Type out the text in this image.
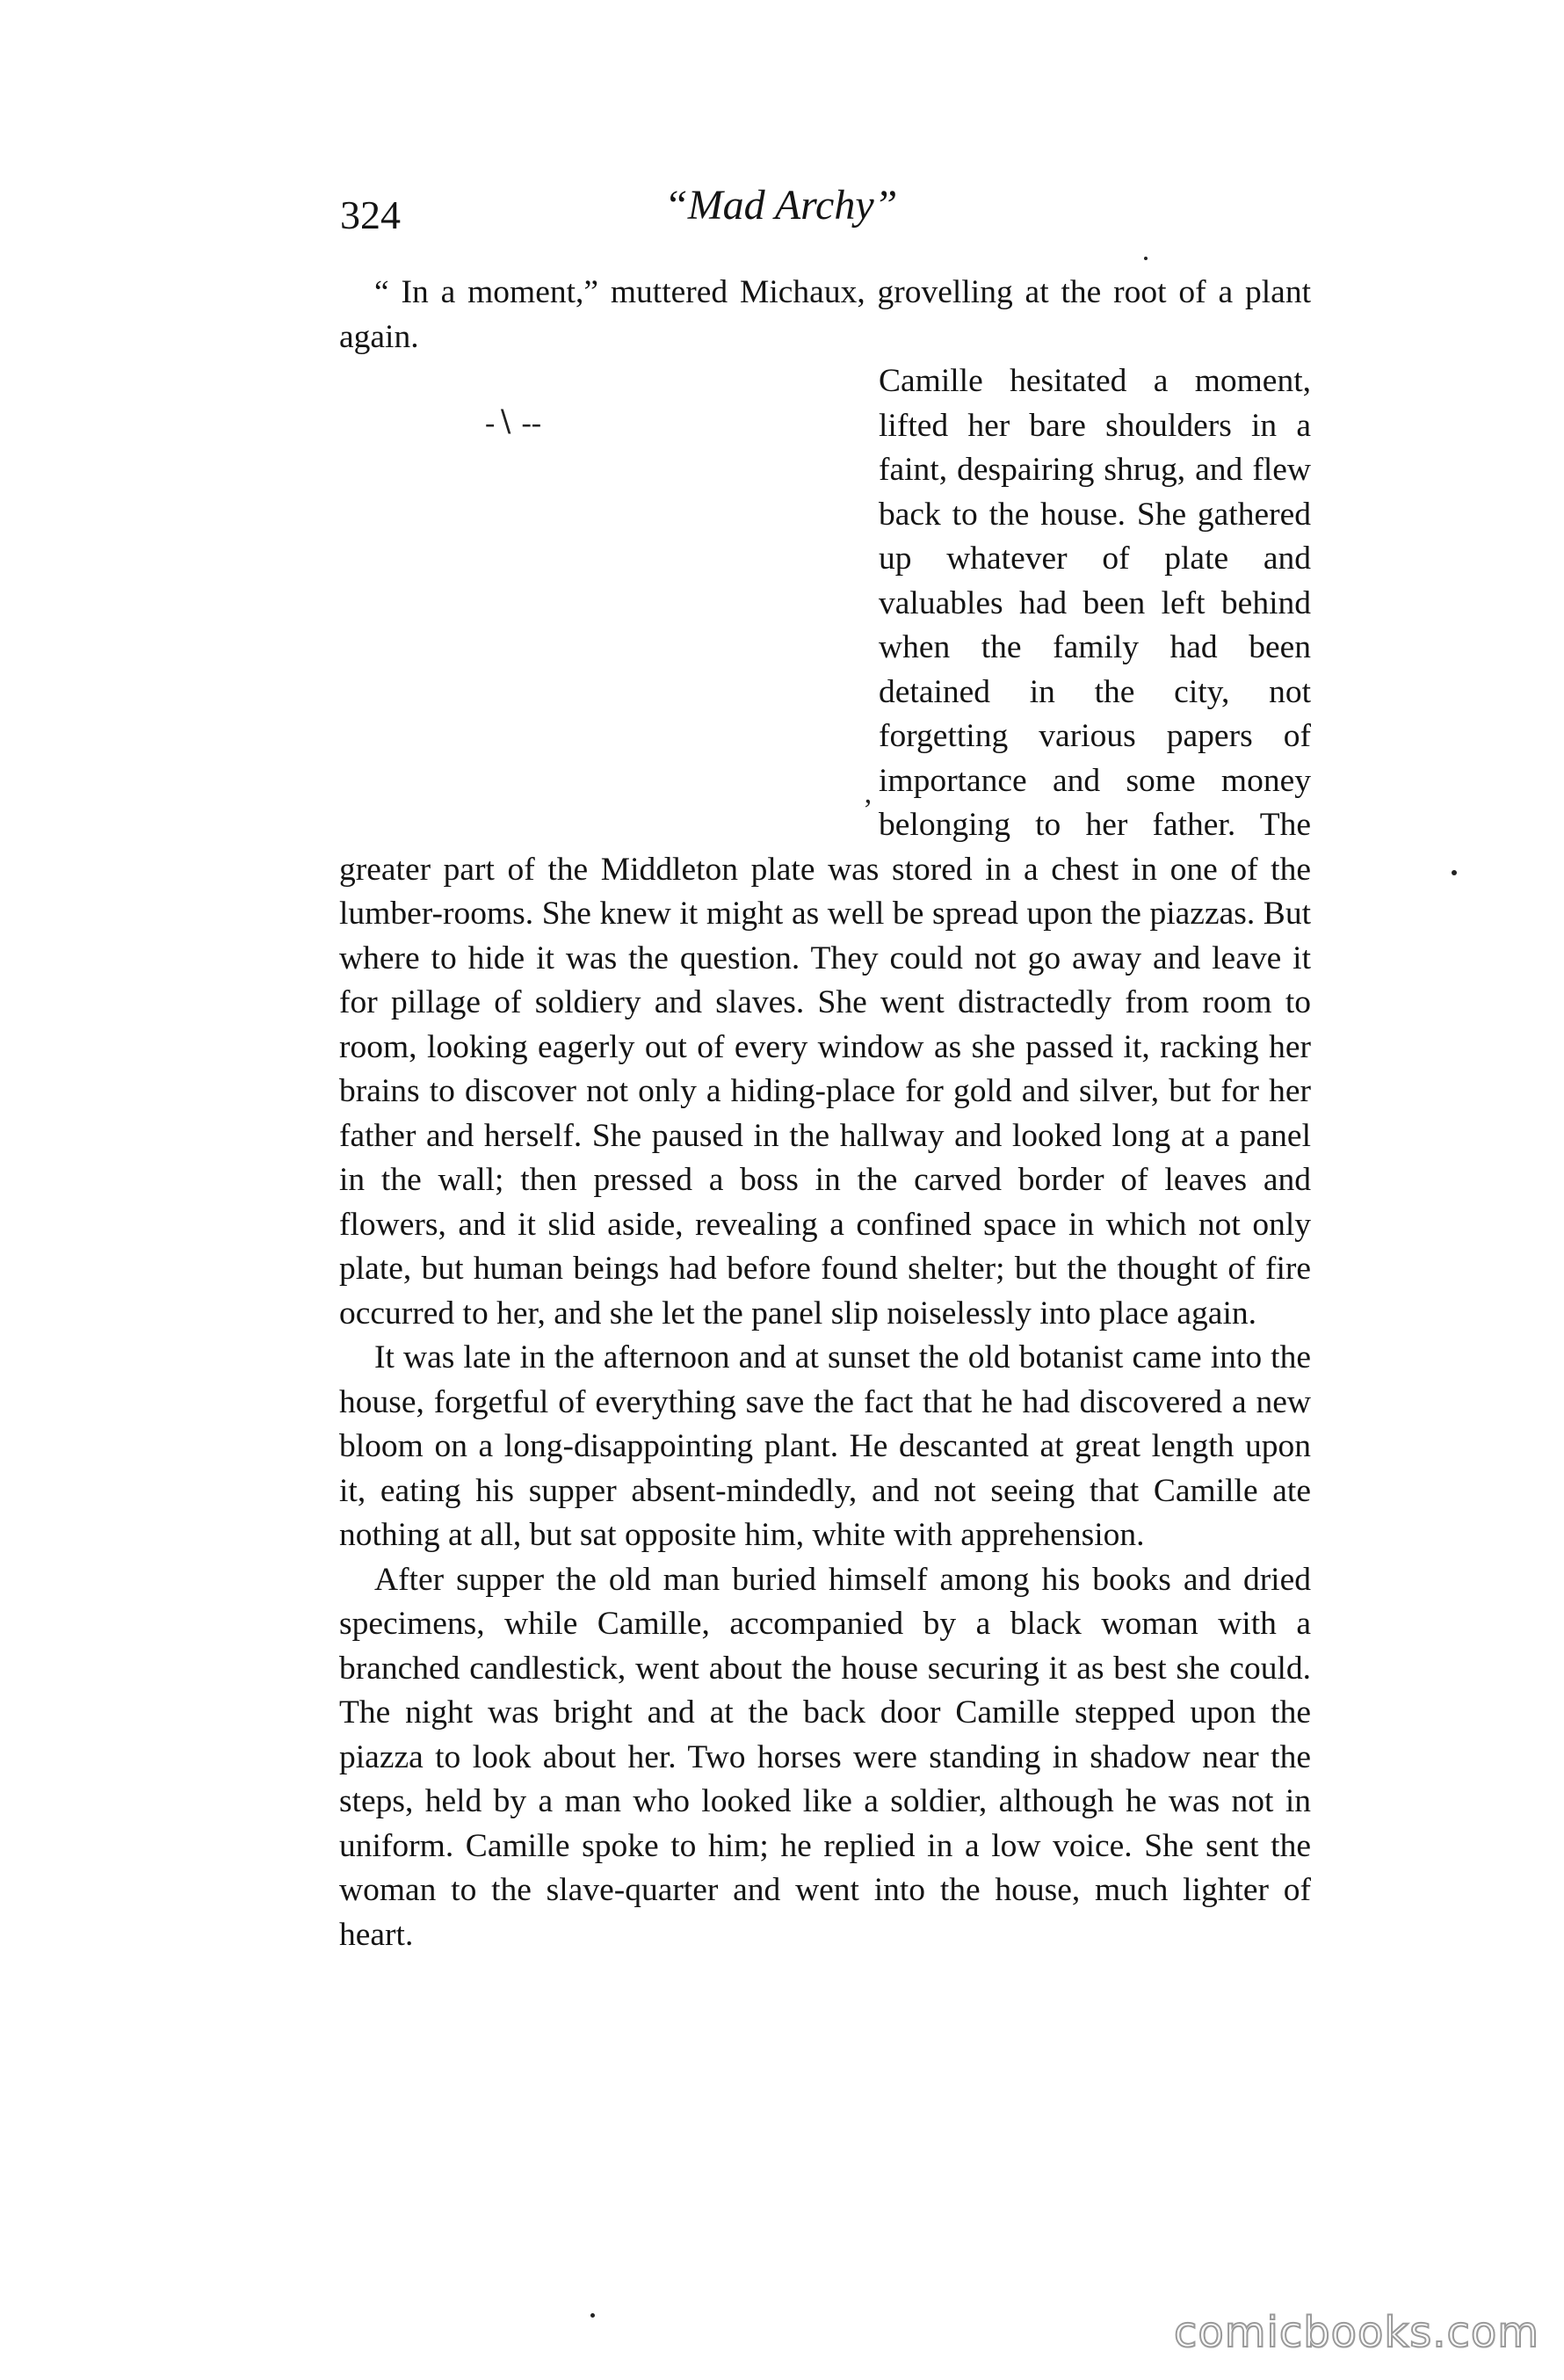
324	“Mad Archy”

“ In a moment,” muttered Michaux, grovelling at the root of a plant again.

-∖ -‐
’

Camille hesitated a moment, lifted her bare shoulders in a faint, despairing shrug, and flew back to the house. She gathered up whatever of plate and valuables had been left behind when the family had been detained in the city, not forgetting various papers of importance and some money belonging to her father. The greater part of the Middleton plate was stored in a chest in one of the lumber-rooms. She knew it might as well be spread upon the piazzas. But where to hide it was the question. They could not go away and leave it for pillage of soldiery and slaves. She went distractedly from room to room, looking eagerly out of every window as she passed it, racking her brains to discover not only a hiding-place for gold and silver, but for her father and herself. She paused in the hallway and looked long at a panel in the wall; then pressed a boss in the carved border of leaves and flowers, and it slid aside, revealing a confined space in which not only plate, but human beings had before found shelter; but the thought of fire occurred to her, and she let the panel slip noiselessly into place again.

It was late in the afternoon and at sunset the old botanist came into the house, forgetful of everything save the fact that he had discovered a new bloom on a long-disappointing plant. He descanted at great length upon it, eating his supper absent-mindedly, and not seeing that Camille ate nothing at all, but sat opposite him, white with apprehension.

After supper the old man buried himself among his books and dried specimens, while Camille, accompanied by a black woman with a branched candlestick, went about the house securing it as best she could. The night was bright and at the back door Camille stepped upon the piazza to look about her. Two horses were standing in shadow near the steps, held by a man who looked like a soldier, although he was not in uniform. Camille spoke to him; he replied in a low voice. She sent the woman to the slave-quarter and went into the house, much lighter of heart.

comicbooks.com
